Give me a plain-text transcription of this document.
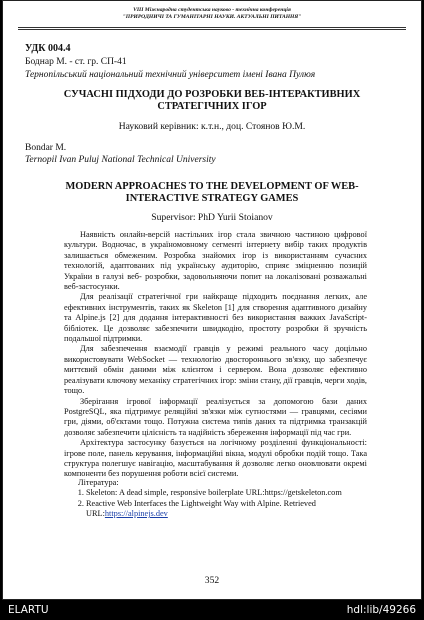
VIII Міжнародна студентська науково - технічна конференція
"ПРИРОДНИЧІ ТА ГУМАНІТАРНІ НАУКИ. АКТУАЛЬНІ ПИТАННЯ"
УДК 004.4
Боднар М. - ст. гр. СП-41
Тернопільський національний технічний університет імені Івана Пулюя
СУЧАСНІ ПІДХОДИ ДО РОЗРОБКИ ВЕБ-ІНТЕРАКТИВНИХ СТРАТЕГІЧНИХ ІГОР
Науковий керівник: к.т.н., доц. Стоянов Ю.М.
Bondar M.
Ternopil Ivan Puluj National Technical University
MODERN APPROACHES TO THE DEVELOPMENT OF WEB-INTERACTIVE STRATEGY GAMES
Supervisor: PhD Yurii Stoianov

Наявність онлайн-версій настільних ігор стала звичною частиною цифрової культури. Водночас, в україномовному сегменті інтернету вибір таких продуктів залишається обмеженим. Розробка знайомих ігор із використанням сучасних технологій, адаптованих під українську аудиторію, сприяє зміцненню позицій України в галузі веб- розробки, задовольняючи попит на локалізовані розважальні веб-застосунки.

Для реалізації стратегічної гри найкраще підходить поєднання легких, але ефективних інструментів, таких як Skeleton [1] для створення адаптивного дизайну та Alpine.js [2] для додання інтерактивності без використання важких JavaScript-бібліотек. Це дозволяє забезпечити швидкодію, простоту розробки й зручність подальшої підтримки.

Для забезпечення взаємодії гравців у режимі реального часу доцільно використовувати WebSocket — технологію двостороннього зв'язку, що забезпечує миттєвий обмін даними між клієнтом і сервером. Вона дозволяє ефективно реалізувати ключову механіку стратегічних ігор: зміни стану, дії гравців, черги ходів, тощо.

Зберігання ігрової інформації реалізується за допомогою бази даних PostgreSQL, яка підтримує реляційні зв'язки між сутностями — гравцями, сесіями гри, діями, об'єктами тощо. Потужна система типів даних та підтримка транзакцій дозволяє забезпечити цілісність та надійність збереження інформації під час гри.

Архітектура застосунку базується на логічному розділенні функціональності: ігрове поле, панель керування, інформаційні вікна, модулі обробки подій тощо. Така структура полегшує навігацію, масштабування й дозволяє легко оновлювати окремі компоненти без порушення роботи всієї системи.

Література:
1. Skeleton: A dead simple, responsive boilerplate URL:https://getskeleton.com
2. Reactive Web Interfaces the Lightweight Way with Alpine. Retrieved URL:https://alpinejs.dev
352
ELARTU	hdl:lib/49266
